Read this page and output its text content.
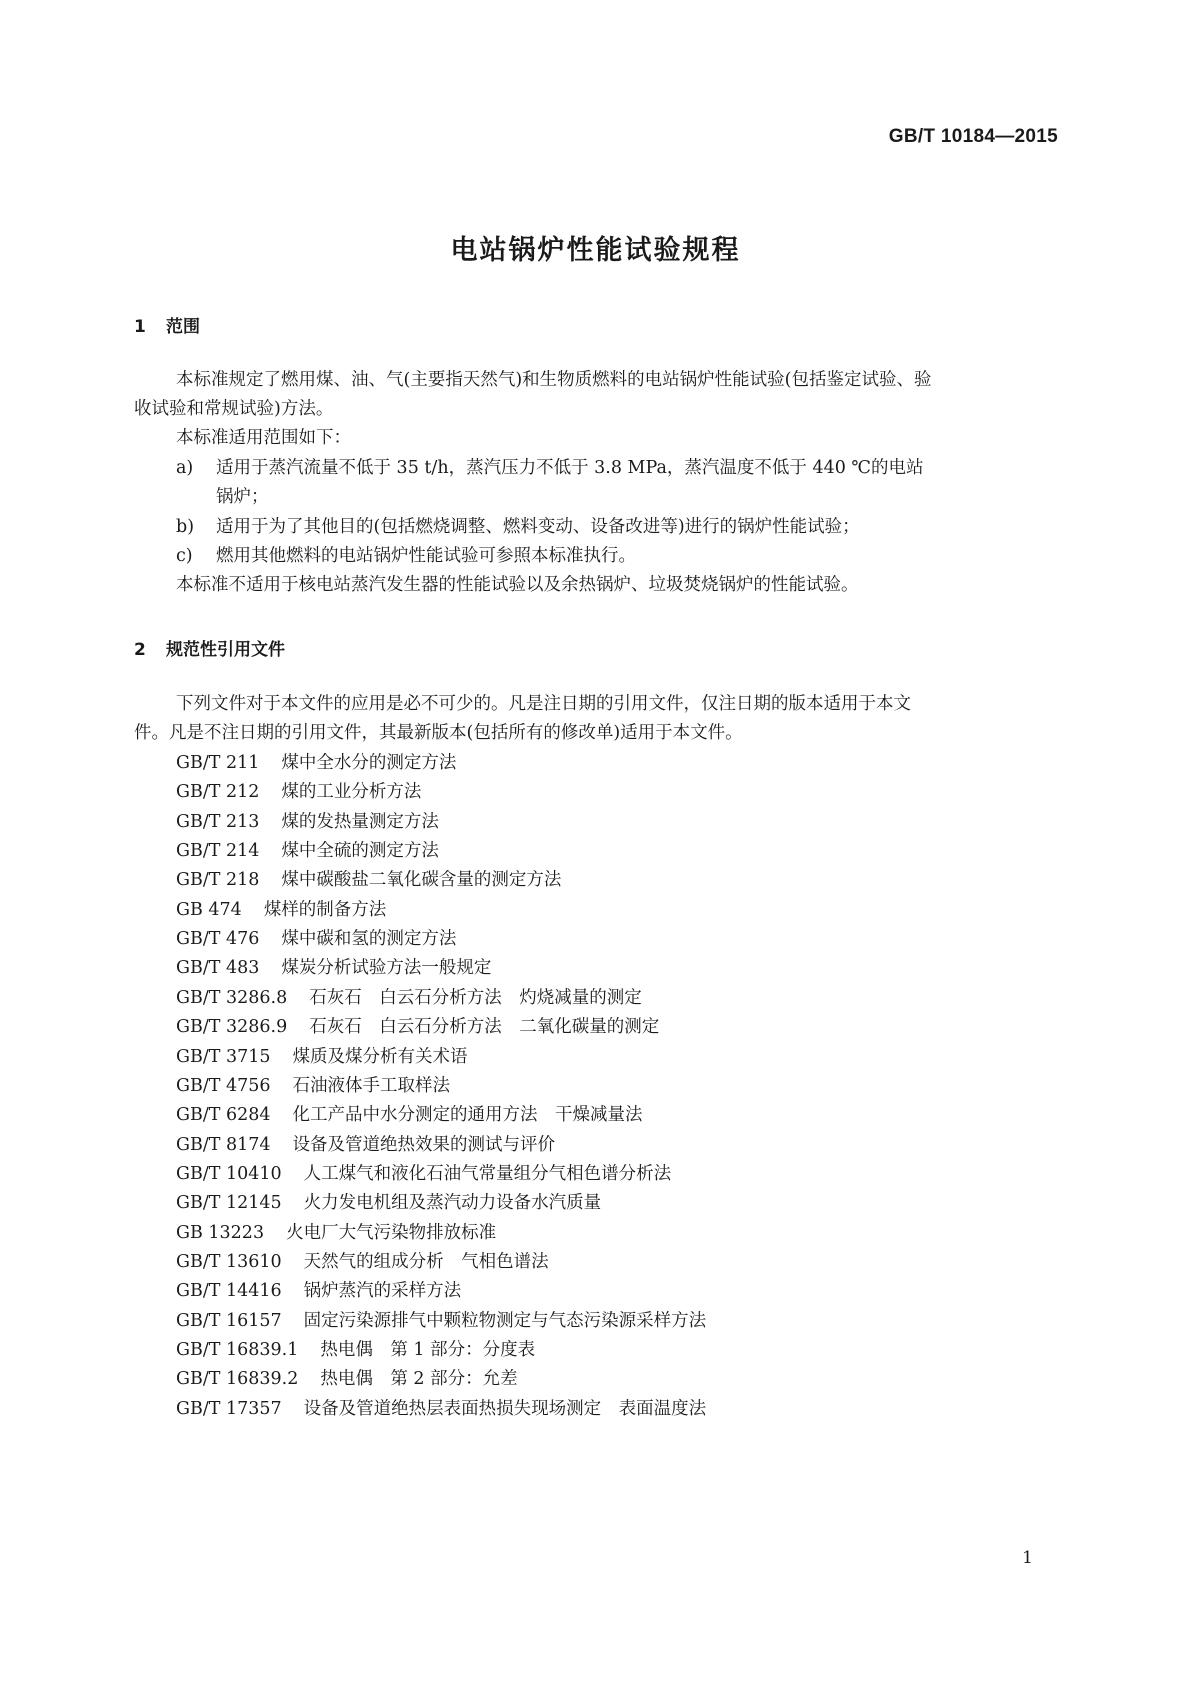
GB/T 10184—2015
电站锅炉性能试验规程
1 范围
本标准规定了燃用煤、油、气(主要指天然气)和生物质燃料的电站锅炉性能试验(包括鉴定试验、验
收试验和常规试验)方法。
本标准适用范围如下：
a) 适用于蒸汽流量不低于 35 t/h，蒸汽压力不低于 3.8 MPa，蒸汽温度不低于 440 ℃的电站
锅炉；
b) 适用于为了其他目的(包括燃烧调整、燃料变动、设备改进等)进行的锅炉性能试验；
c) 燃用其他燃料的电站锅炉性能试验可参照本标准执行。
本标准不适用于核电站蒸汽发生器的性能试验以及余热锅炉、垃圾焚烧锅炉的性能试验。
2 规范性引用文件
下列文件对于本文件的应用是必不可少的。凡是注日期的引用文件，仅注日期的版本适用于本文
件。凡是不注日期的引用文件，其最新版本(包括所有的修改单)适用于本文件。
GB/T 211 煤中全水分的测定方法
GB/T 212 煤的工业分析方法
GB/T 213 煤的发热量测定方法
GB/T 214 煤中全硫的测定方法
GB/T 218 煤中碳酸盐二氧化碳含量的测定方法
GB 474 煤样的制备方法
GB/T 476 煤中碳和氢的测定方法
GB/T 483 煤炭分析试验方法一般规定
GB/T 3286.8 石灰石　白云石分析方法　灼烧减量的测定
GB/T 3286.9 石灰石　白云石分析方法　二氧化碳量的测定
GB/T 3715 煤质及煤分析有关术语
GB/T 4756 石油液体手工取样法
GB/T 6284 化工产品中水分测定的通用方法　干燥减量法
GB/T 8174 设备及管道绝热效果的测试与评价
GB/T 10410 人工煤气和液化石油气常量组分气相色谱分析法
GB/T 12145 火力发电机组及蒸汽动力设备水汽质量
GB 13223 火电厂大气污染物排放标准
GB/T 13610 天然气的组成分析　气相色谱法
GB/T 14416 锅炉蒸汽的采样方法
GB/T 16157 固定污染源排气中颗粒物测定与气态污染源采样方法
GB/T 16839.1 热电偶　第 1 部分：分度表
GB/T 16839.2 热电偶　第 2 部分：允差
GB/T 17357 设备及管道绝热层表面热损失现场测定　表面温度法
1
